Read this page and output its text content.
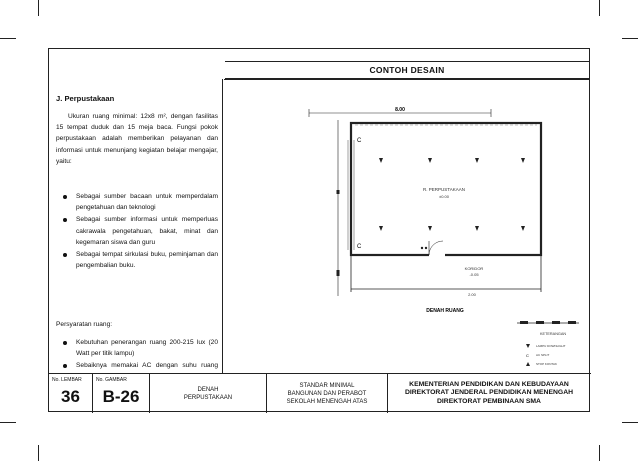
CONTOH DESAIN
J. Perpustakaan

Ukuran ruang minimal: 12x8 m², dengan fasilitas 15 tempat duduk dan 15 meja baca. Fungsi pokok perpustakaan adalah memberikan pelayanan dan informasi untuk menunjang kegiatan belajar mengajar, yaitu:

Sebagai sumber bacaan untuk memperdalam pengetahuan dan teknologi
Sebagai sumber informasi untuk memperluas cakrawala pengetahuan, bakat, minat dan kegemaran siswa dan guru
Sebagai tempat sirkulasi buku, peminjaman dan pengembalian buku.

Persyaratan ruang:

Kebutuhan penerangan ruang 200-215 lux (20 Watt per titik lampu)
Sebaiknya memakai AC dengan suhu ruang
8.00
C
C
R. PERPUSTAKAAN
±0.00
KORIDOR
-0.05
2.00
DENAH RUANG
KETERANGAN
LAMPU DOWNLIGHT
C AC SPLIT
STOP KONTAK
No. LEMBAR
36
No. GAMBAR
B-26	DENAH
PERPUSTAKAAN
STANDAR MINIMAL
BANGUNAN DAN PERABOT
SEKOLAH MENENGAH ATAS
KEMENTERIAN PENDIDIKAN DAN KEBUDAYAAN
DIREKTORAT JENDERAL PENDIDIKAN MENENGAH
DIREKTORAT PEMBINAAN SMA
